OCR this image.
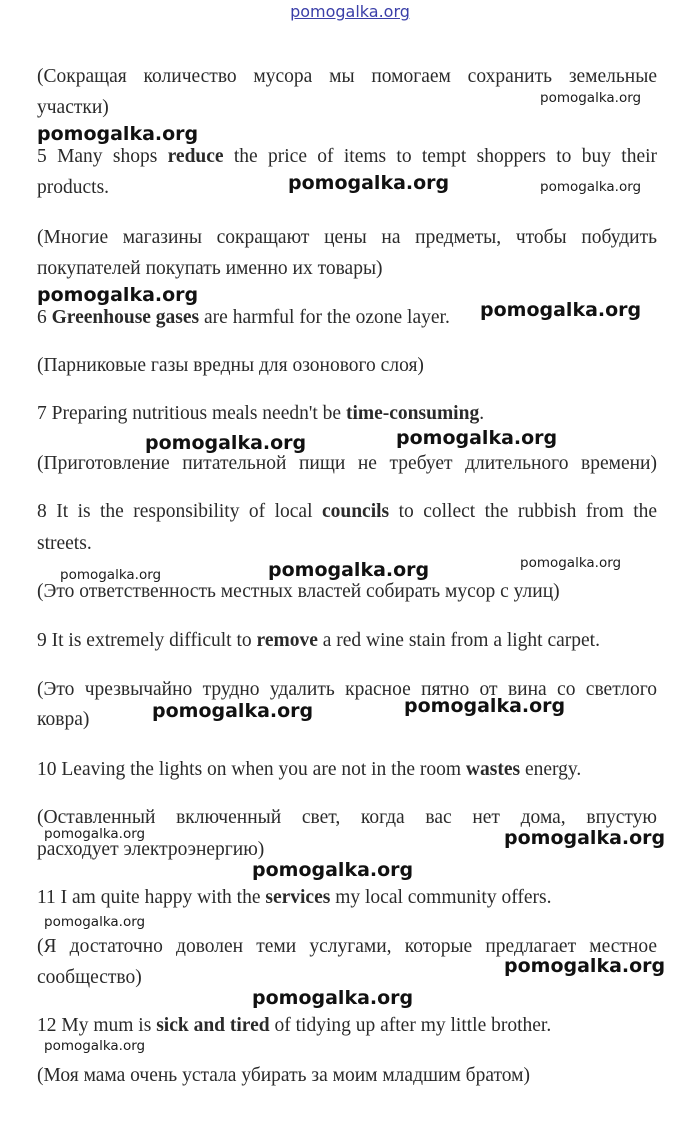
pomogalka.org
(Сокращая количество мусора мы помогаем сохранить земельные
участки)
5 Many shops reduce the price of items to tempt shoppers to buy their
products.
(Многие магазины сокращают цены на предметы, чтобы побудить
покупателей покупать именно их товары)
6 Greenhouse gases are harmful for the ozone layer.
(Парниковые газы вредны для озонового слоя)
7 Preparing nutritious meals needn't be time-consuming.
(Приготовление питательной пищи не требует длительного времени)
8 It is the responsibility of local councils to collect the rubbish from the
streets.
(Это ответственность местных властей собирать мусор с улиц)
9 It is extremely difficult to remove a red wine stain from a light carpet.
(Это чрезвычайно трудно удалить красное пятно от вина со светлого
ковра)
10 Leaving the lights on when you are not in the room wastes energy.
(Оставленный включенный свет, когда вас нет дома, впустую
расходует электроэнергию)
11 I am quite happy with the services my local community offers.
(Я достаточно доволен теми услугами, которые предлагает местное
сообщество)
12 My mum is sick and tired of tidying up after my little brother.
(Моя мама очень устала убирать за моим младшим братом)
pomogalka.org
pomogalka.org
pomogalka.org	pomogalka.org
pomogalka.org
pomogalka.org
pomogalka.org	pomogalka.org
pomogalka.org
pomogalka.org	pomogalka.org
pomogalka.org	pomogalka.org
pomogalka.org	pomogalka.org
pomogalka.org
pomogalka.org
pomogalka.org
pomogalka.org
pomogalka.org
